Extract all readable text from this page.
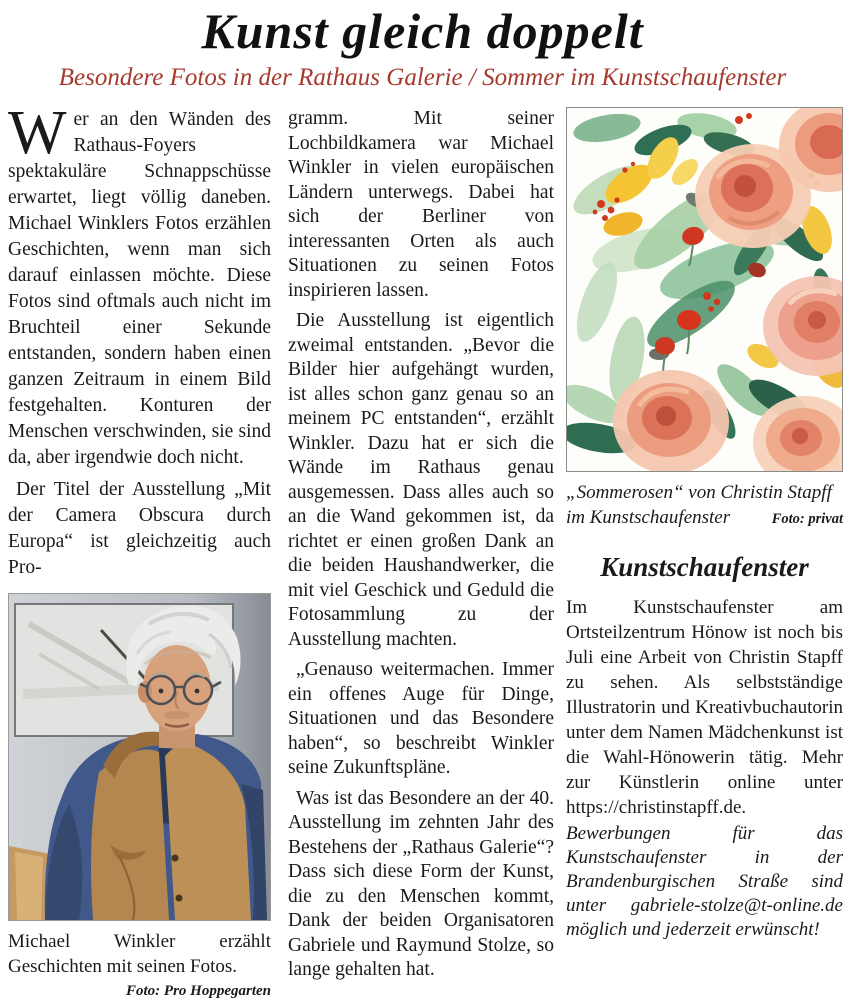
Kunst gleich doppelt
Besondere Fotos in der Rathaus Galerie / Sommer im Kunstschaufenster

Wer an den Wänden des Rathaus-Foyers spektakuläre Schnappschüsse erwartet, liegt völlig daneben. Michael Winklers Fotos erzählen Geschichten, wenn man sich darauf einlassen möchte. Diese Fotos sind oftmals auch nicht im Bruchteil einer Sekunde entstanden, sondern haben einen ganzen Zeitraum in einem Bild festgehalten. Konturen der Menschen verschwinden, sie sind da, aber irgendwie doch nicht.

Der Titel der Ausstellung „Mit der Camera Obscura durch Europa“ ist gleichzeitig auch Pro-

Michael Winkler erzählt Geschichten mit seinen Fotos.
Foto: Pro Hoppegarten

gramm. Mit seiner Lochbildkamera war Michael Winkler in vielen europäischen Ländern unterwegs. Dabei hat sich der Berliner von interessanten Orten als auch Situationen zu seinen Fotos inspirieren lassen.

Die Ausstellung ist eigentlich zweimal entstanden. „Bevor die Bilder hier aufgehängt wurden, ist alles schon ganz genau so an meinem PC entstanden“, erzählt Winkler. Dazu hat er sich die Wände im Rathaus genau ausgemessen. Dass alles auch so an die Wand gekommen ist, da richtet er einen großen Dank an die beiden Haushandwerker, die mit viel Geschick und Geduld die Fotosammlung zu der Ausstellung machten.

„Genauso weitermachen. Immer ein offenes Auge für Dinge, Situationen und das Besondere haben“, so beschreibt Winkler seine Zukunftspläne.

Was ist das Besondere an der 40. Ausstellung im zehnten Jahr des Bestehens der „Rathaus Galerie“? Dass sich diese Form der Kunst, die zu den Menschen kommt, Dank der beiden Organisatoren Gabriele und Raymund Stolze, so lange gehalten hat.

„Sommerosen“ von Christin Stapff
im Kunstschaufenster	Foto: privat
Kunstschaufenster

Im Kunstschaufenster am Ortsteilzentrum Hönow ist noch bis Juli eine Arbeit von Christin Stapff zu sehen. Als selbstständige Illustratorin und Kreativbuchautorin unter dem Namen Mädchenkunst ist die Wahl-Hönowerin tätig. Mehr zur Künstlerin online unter https://christinstapff.de.

Bewerbungen für das Kunstschaufenster in der Brandenburgischen Straße sind unter gabriele-stolze@t-online.de möglich und jederzeit erwünscht!
